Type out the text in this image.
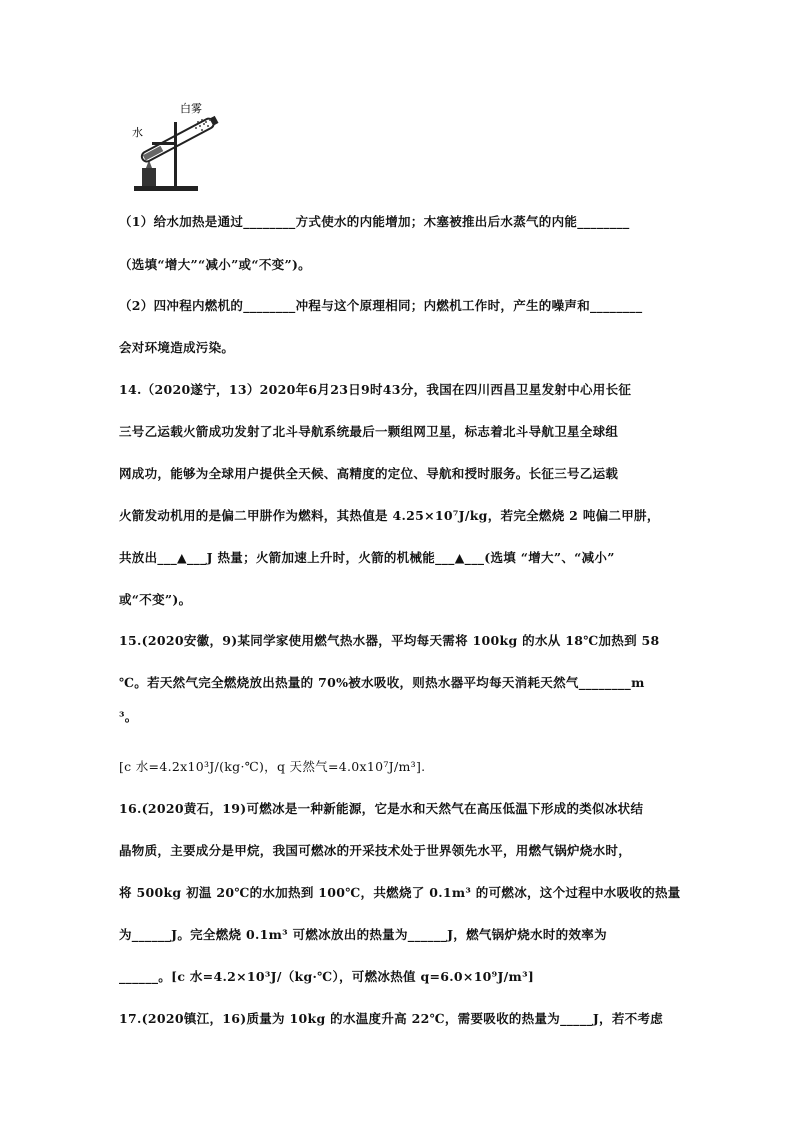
水
白雾
（1）给水加热是通过________方式使水的内能增加；木塞被推出后水蒸气的内能________
（选填“增大”“减小”或“不变”)。
（2）四冲程内燃机的________冲程与这个原理相同；内燃机工作时，产生的噪声和________
会对环境造成污染。
14.（2020遂宁，13）2020年6月23日9时43分，我国在四川西昌卫星发射中心用长征
三号乙运载火箭成功发射了北斗导航系统最后一颗组网卫星，标志着北斗导航卫星全球组
网成功，能够为全球用户提供全天候、高精度的定位、导航和授时服务。长征三号乙运载
火箭发动机用的是偏二甲肼作为燃料，其热值是 4.25×10⁷J/kg，若完全燃烧 2 吨偏二甲肼，
共放出___▲___J 热量；火箭加速上升时，火箭的机械能___▲___(选填 “增大”、“减小”
或“不变”)。
15.(2020安徽，9)某同学家使用燃气热水器，平均每天需将 100kg 的水从 18℃加热到 58
℃。若天然气完全燃烧放出热量的 70%被水吸收，则热水器平均每天消耗天然气________m
³。
[c 水=4.2x10³J/(kg·℃)，q 天然气=4.0x10⁷J/m³].
16.(2020黄石，19)可燃冰是一种新能源，它是水和天然气在高压低温下形成的类似冰状结
晶物质，主要成分是甲烷，我国可燃冰的开采技术处于世界领先水平，用燃气锅炉烧水时，
将 500kg 初温 20℃的水加热到 100℃，共燃烧了 0.1m³ 的可燃冰，这个过程中水吸收的热量
为______J。完全燃烧 0.1m³ 可燃冰放出的热量为______J，燃气锅炉烧水时的效率为
______。[c 水=4.2×10³J/（kg·℃），可燃冰热值 q=6.0×10⁹J/m³]
17.(2020镇江，16)质量为 10kg 的水温度升高 22℃，需要吸收的热量为_____J，若不考虑
